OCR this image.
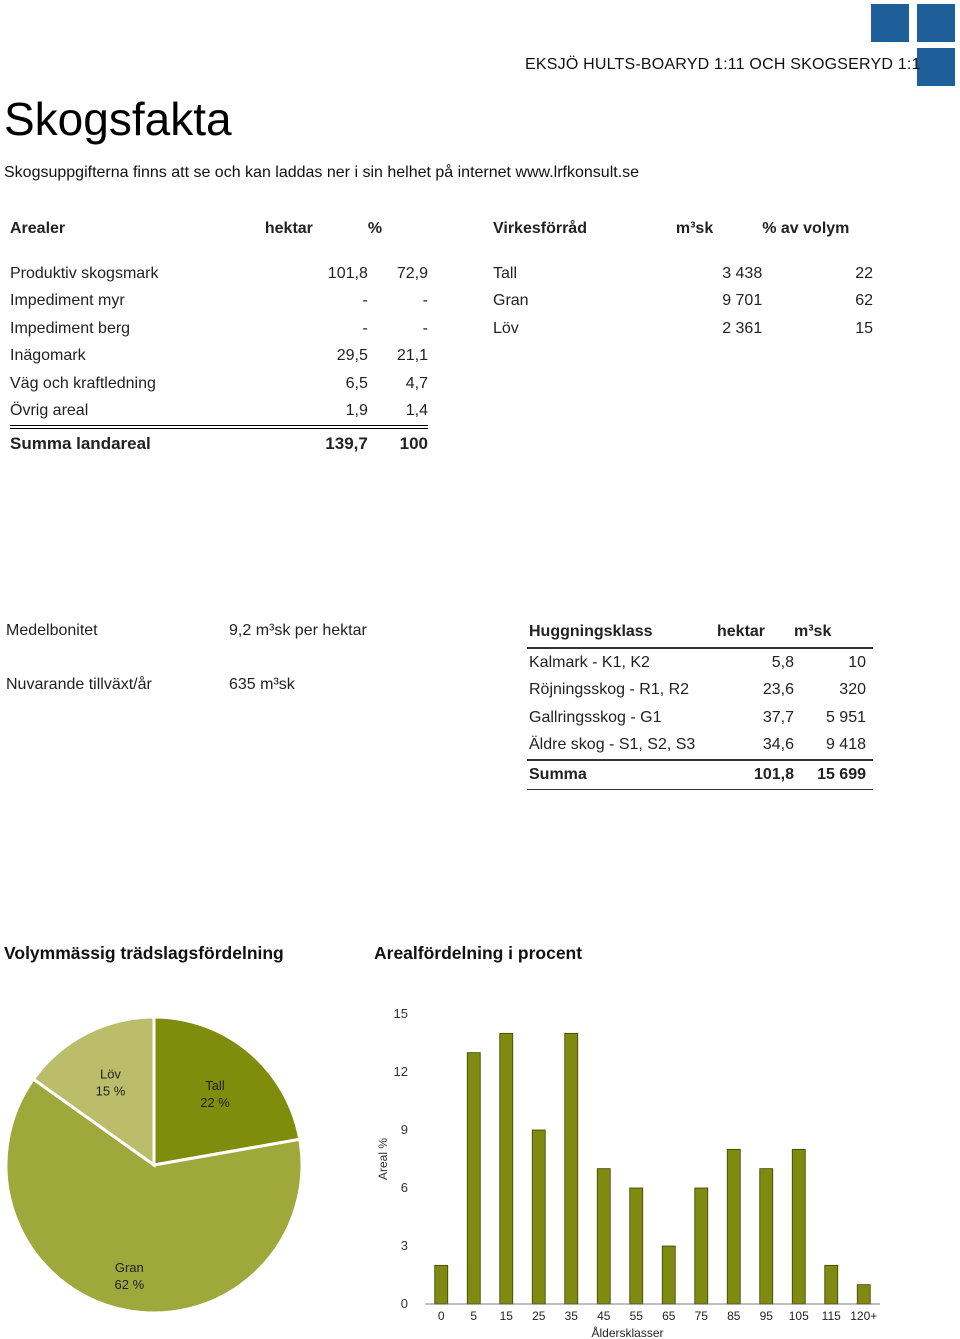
EKSJÖ HULTS-BOARYD 1:11 OCH SKOGSERYD 1:1
Skogsfakta
Skogsuppgifterna finns att se och kan laddas ner i sin helhet på internet www.lrfkonsult.se
Arealer	hektar	%

Produktiv skogsmark	101,8	72,9
Impediment myr	-	-
Impediment berg	-	-
Inägomark	29,5	21,1
Väg och kraftledning	6,5	4,7
Övrig areal	1,9	1,4
Summa landareal	139,7	100
Virkesförråd	m³sk	% av volym

Tall	3 438	22
Gran	9 701	62
Löv	2 361	15
Medelbonitet	9,2 m³sk per hektar
Nuvarande tillväxt/år	635 m³sk
Huggningsklass	hektar	m³sk
Kalmark - K1, K2	5,8	10
Röjningsskog - R1, R2	23,6	320
Gallringsskog - G1	37,7	5 951
Äldre skog - S1, S2, S3	34,6	9 418
Summa	101,8	15 699
Volymmässig trädslagsfördelning	Arealfördelning i procent
Tall
22 %
Gran
62 %
Löv
15 %
0
3
6
9
12
15
Areal %
0 5 15 25 35 45 55 65 75 85 95 105 115 120+
Åldersklasser
